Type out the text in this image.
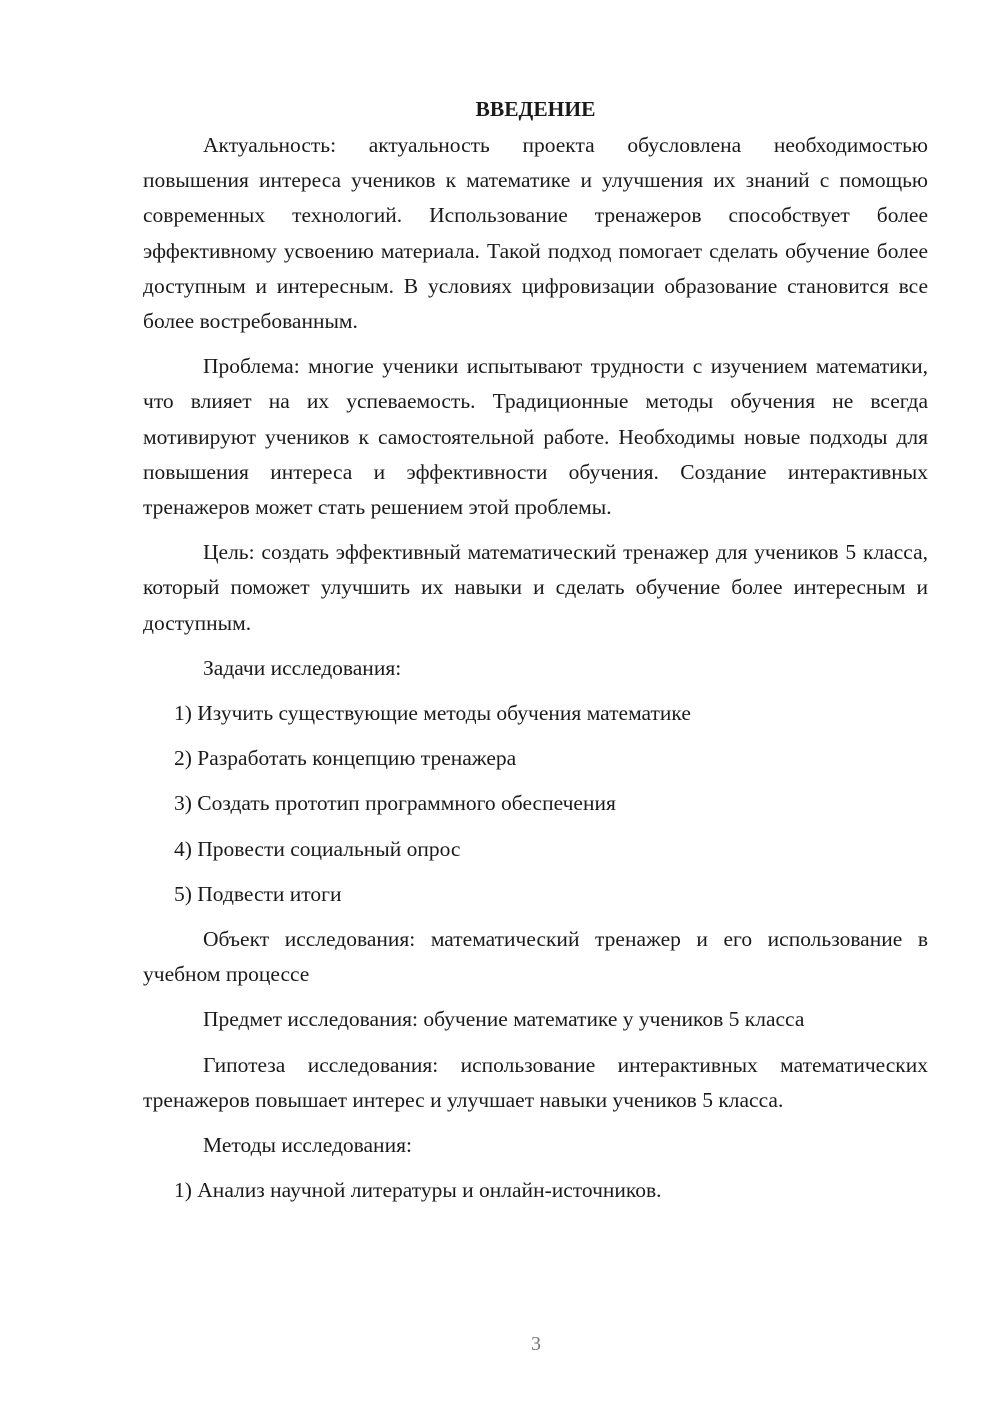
ВВЕДЕНИЕ

Актуальность: актуальность проекта обусловлена необходимостью повышения интереса учеников к математике и улучшения их знаний с помощью современных технологий. Использование тренажеров способствует более эффективному усвоению материала. Такой подход помогает сделать обучение более доступным и интересным. В условиях цифровизации образование становится все более востребованным.

Проблема: многие ученики испытывают трудности с изучением математики, что влияет на их успеваемость. Традиционные методы обучения не всегда мотивируют учеников к самостоятельной работе. Необходимы новые подходы для повышения интереса и эффективности обучения. Создание интерактивных тренажеров может стать решением этой проблемы.

Цель: создать эффективный математический тренажер для учеников 5 класса, который поможет улучшить их навыки и сделать обучение более интересным и доступным.

Задачи исследования:

1) Изучить существующие методы обучения математике

2) Разработать концепцию тренажера

3) Создать прототип программного обеспечения

4) Провести социальный опрос

5) Подвести итоги

Объект исследования: математический тренажер и его использование в учебном процессе

Предмет исследования: обучение математике у учеников 5 класса

Гипотеза исследования: использование интерактивных математических тренажеров повышает интерес и улучшает навыки учеников 5 класса.

Методы исследования:

1) Анализ научной литературы и онлайн-источников.

3
